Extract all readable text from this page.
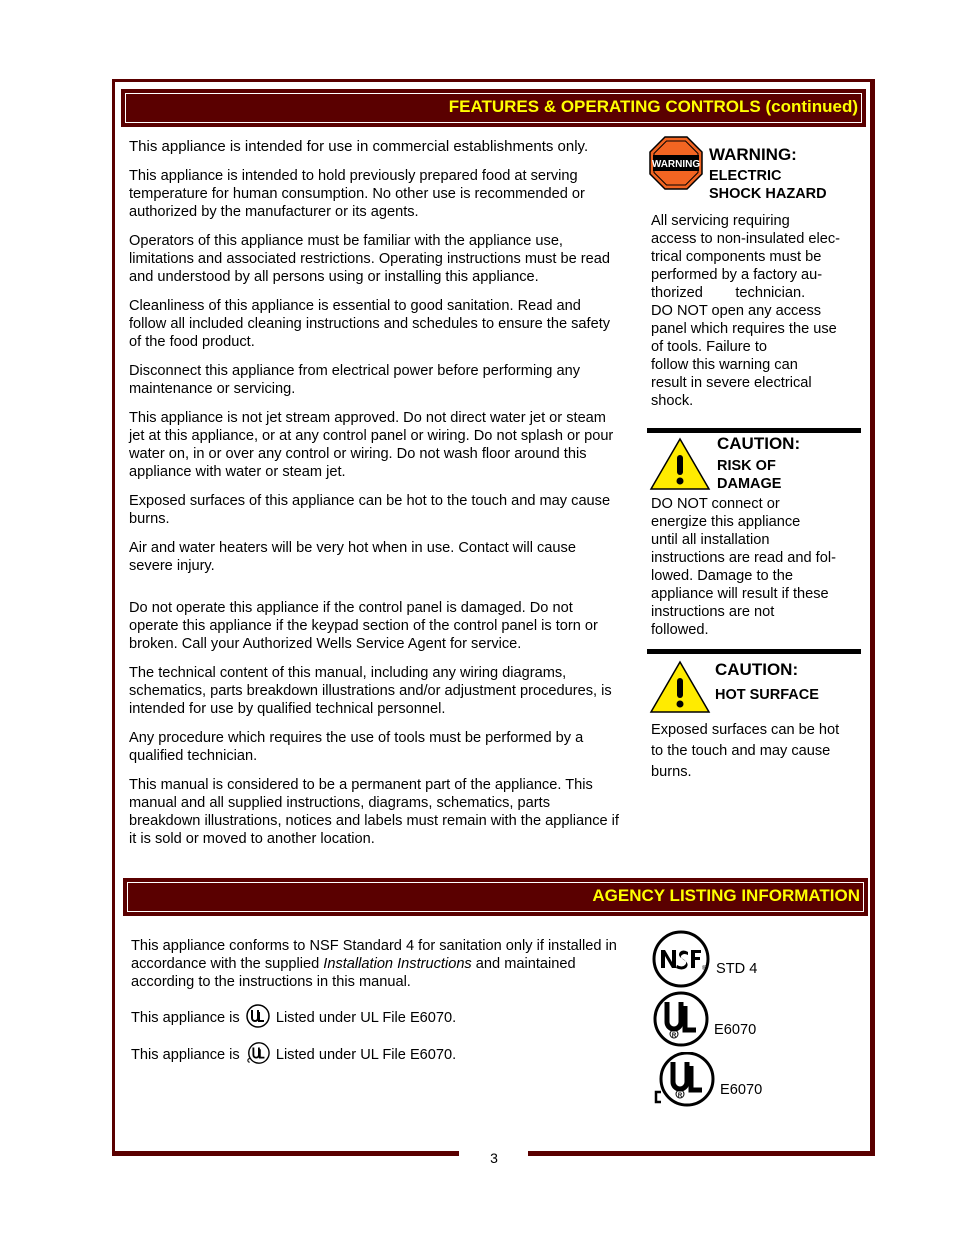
3
FEATURES & OPERATING CONTROLS (continued)

This appliance is intended for use in commercial establishments only.

This appliance is intended to hold previously prepared food at serving temperature for human consumption. No other use is recommended or authorized by the manufacturer or its agents.

Operators of this appliance must be familiar with the appliance use, limitations and associated restrictions. Operating instructions must be read and understood by all persons using or installing this appliance.

Cleanliness of this appliance is essential to good sanitation. Read and follow all included cleaning instructions and schedules to ensure the safety of the food product.

Disconnect this appliance from electrical power before performing any maintenance or servicing.

This appliance is not jet stream approved. Do not direct water jet or steam jet at this appliance, or at any control panel or wiring. Do not splash or pour water on, in or over any control or wiring. Do not wash floor around this appliance with water or steam jet.

Exposed surfaces of this appliance can be hot to the touch and may cause burns.

Air and water heaters will be very hot when in use. Contact will cause severe injury.

Do not operate this appliance if the control panel is damaged. Do not operate this appliance if the keypad section of the control panel is torn or broken. Call your Authorized Wells Service Agent for service.

The technical content of this manual, including any wiring diagrams, schematics, parts breakdown illustrations and/or adjustment procedures, is intended for use by qualified technical personnel.

Any procedure which requires the use of tools must be performed by a qualified technician.

This manual is considered to be a permanent part of the appliance. This manual and all supplied instructions, diagrams, schematics, parts breakdown illustrations, notices and labels must remain with the appliance if it is sold or moved to another location.

WARNING
WARNING:
ELECTRIC
SHOCK HAZARD
All servicing requiring
access to non-insulated elec-
trical components must be
performed by a factory au-
thorized        technician.
DO NOT open any access
panel which requires the use
of tools. Failure to
follow this warning can
result in severe electrical
shock.
CAUTION:
RISK OF
DAMAGE
DO NOT connect or
energize this appliance
until all installation
instructions are read and fol-
lowed. Damage to the
appliance will result if these
instructions are not
followed.
CAUTION:
HOT SURFACE
Exposed surfaces can be hot
to the touch and may cause
burns.
AGENCY LISTING INFORMATION

This appliance conforms to NSF Standard 4 for sanitation only if installed in accordance with the supplied Installation Instructions and maintained according to the instructions in this manual.

This appliance is Listed under UL File E6070.

This appliance is Listed under UL File E6070.

® STD 4
R	E6070
R	E6070
